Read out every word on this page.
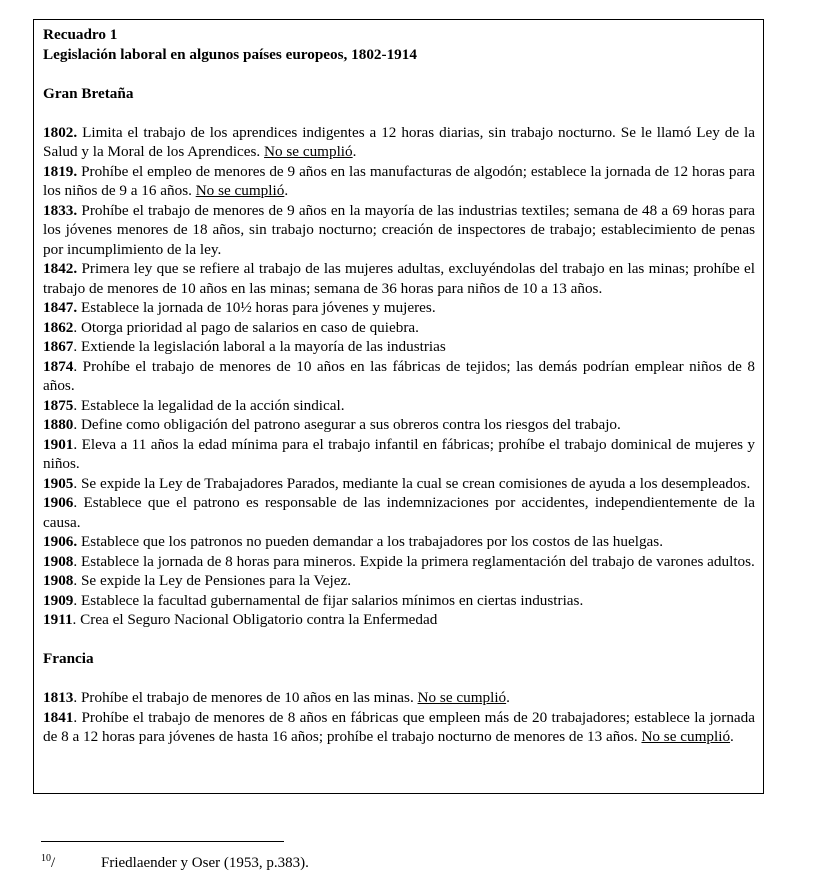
Recuadro 1

Legislación laboral en algunos países europeos, 1802-1914

Gran Bretaña

1802. Limita el trabajo de los aprendices indigentes a 12 horas diarias, sin trabajo nocturno. Se le llamó Ley de la Salud y la Moral de los Aprendices. No se cumplió.

1819. Prohíbe el empleo de menores de 9 años en las manufacturas de algodón; establece la jornada de 12 horas para los niños de 9 a 16 años. No se cumplió.

1833. Prohíbe el trabajo de menores de 9 años en la mayoría de las industrias textiles; semana de 48 a 69 horas para los jóvenes menores de 18 años, sin trabajo nocturno; creación de inspectores de trabajo; establecimiento de penas por incumplimiento de la ley.

1842. Primera ley que se refiere al trabajo de las mujeres adultas, excluyéndolas del trabajo en las minas; prohíbe el trabajo de menores de 10 años en las minas; semana de 36 horas para niños de 10 a 13 años.

1847. Establece la jornada de 10½ horas para jóvenes y mujeres.

1862. Otorga prioridad al pago de salarios en caso de quiebra.

1867. Extiende la legislación laboral a la mayoría de las industrias

1874. Prohíbe el trabajo de menores de 10 años en las fábricas de tejidos; las demás podrían emplear niños de 8 años.

1875. Establece la legalidad de la acción sindical.

1880. Define como obligación del patrono asegurar a sus obreros contra los riesgos del trabajo.

1901. Eleva a 11 años la edad mínima para el trabajo infantil en fábricas; prohíbe el trabajo dominical de mujeres y niños.

1905. Se expide la Ley de Trabajadores Parados, mediante la cual se crean comisiones de ayuda a los desempleados.

1906. Establece que el patrono es responsable de las indemnizaciones por accidentes, independientemente de la causa.

1906. Establece que los patronos no pueden demandar a los trabajadores por los costos de las huelgas.

1908. Establece la jornada de 8 horas para mineros. Expide la primera reglamentación del trabajo de varones adultos.

1908. Se expide la Ley de Pensiones para la Vejez.

1909. Establece la facultad gubernamental de fijar salarios mínimos en ciertas industrias.

1911. Crea el Seguro Nacional Obligatorio contra la Enfermedad

Francia

1813. Prohíbe el trabajo de menores de 10 años en las minas. No se cumplió.

1841. Prohíbe el trabajo de menores de 8 años en fábricas que empleen más de 20 trabajadores; establece la jornada de 8 a 12 horas para jóvenes de hasta 16 años; prohíbe el trabajo nocturno de menores de 13 años. No se cumplió.

$^{10}$/	Friedlaender y Oser (1953, p.383).
